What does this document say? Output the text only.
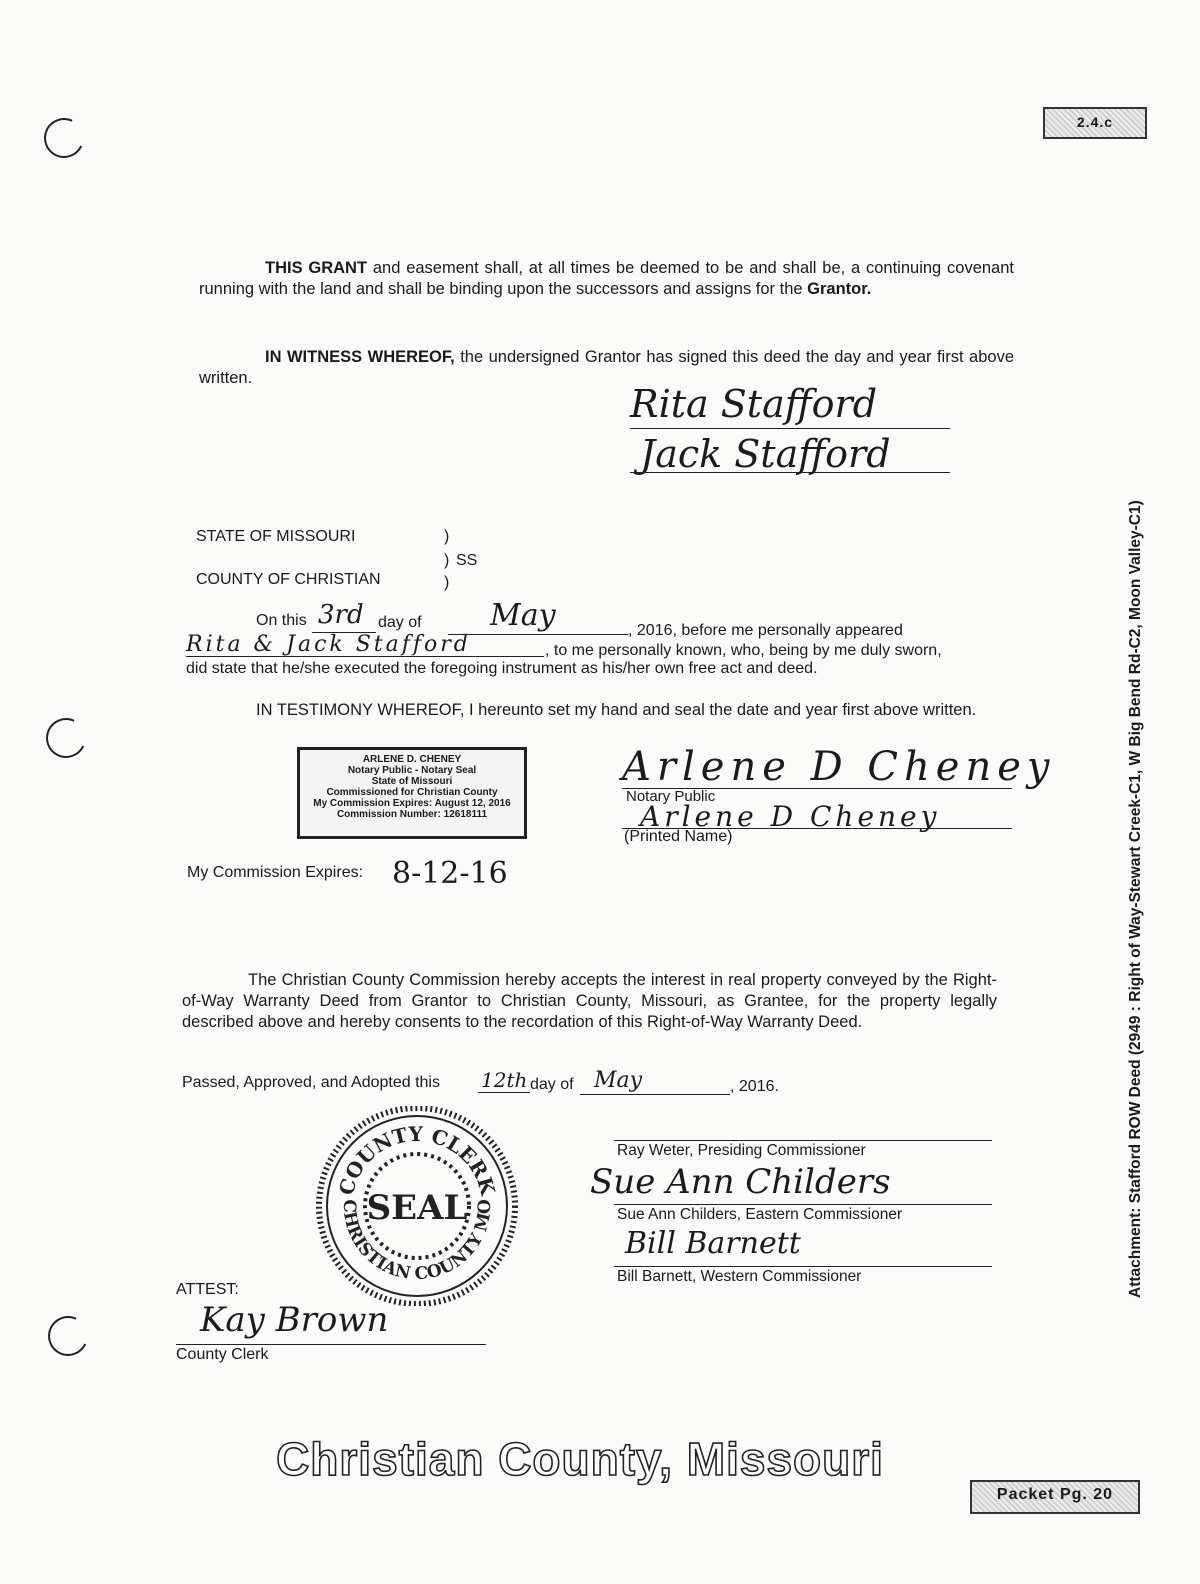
2.4.c
THIS GRANT and easement shall, at all times be deemed to be and shall be, a continuing covenant running with the land and shall be binding upon the successors and assigns for the Grantor.
IN WITNESS WHEREOF, the undersigned Grantor has signed this deed the day and year first above written.
Rita Stafford
Jack Stafford
STATE OF MISSOURI
COUNTY OF CHRISTIAN
)
)
)
SS
On this 3rd day of May	, 2016, before me personally appeared
Rita & Jack Stafford	, to me personally known, who, being by me duly sworn,
did state that he/she executed the foregoing instrument as his/her own free act and deed.
IN TESTIMONY WHEREOF, I hereunto set my hand and seal the date and year first above written.
ARLENE D. CHENEY
Notary Public - Notary Seal
State of Missouri
Commissioned for Christian County
My Commission Expires: August 12, 2016
Commission Number: 12618111
Arlene D Cheney
Notary Public
Arlene D Cheney
(Printed Name)
My Commission Expires: 8-12-16
The Christian County Commission hereby accepts the interest in real property conveyed by the Right-of-Way Warranty Deed from Grantor to Christian County, Missouri, as Grantee, for the property legally described above and hereby consents to the recordation of this Right-of-Way Warranty Deed.
Passed, Approved, and Adopted this 12th day of May	, 2016.
COUNTY CLERK
CHRISTIAN COUNTY MO
SEAL
Ray Weter, Presiding Commissioner
Sue Ann Childers
Sue Ann Childers, Eastern Commissioner
Bill Barnett
Bill Barnett, Western Commissioner
ATTEST:
Kay Brown
County Clerk
Christian County, Missouri
Packet Pg. 20
Attachment: Stafford ROW Deed (2949 : Right of Way-Stewart Creek-C1, W Big Bend Rd-C2, Moon Valley-C1)
